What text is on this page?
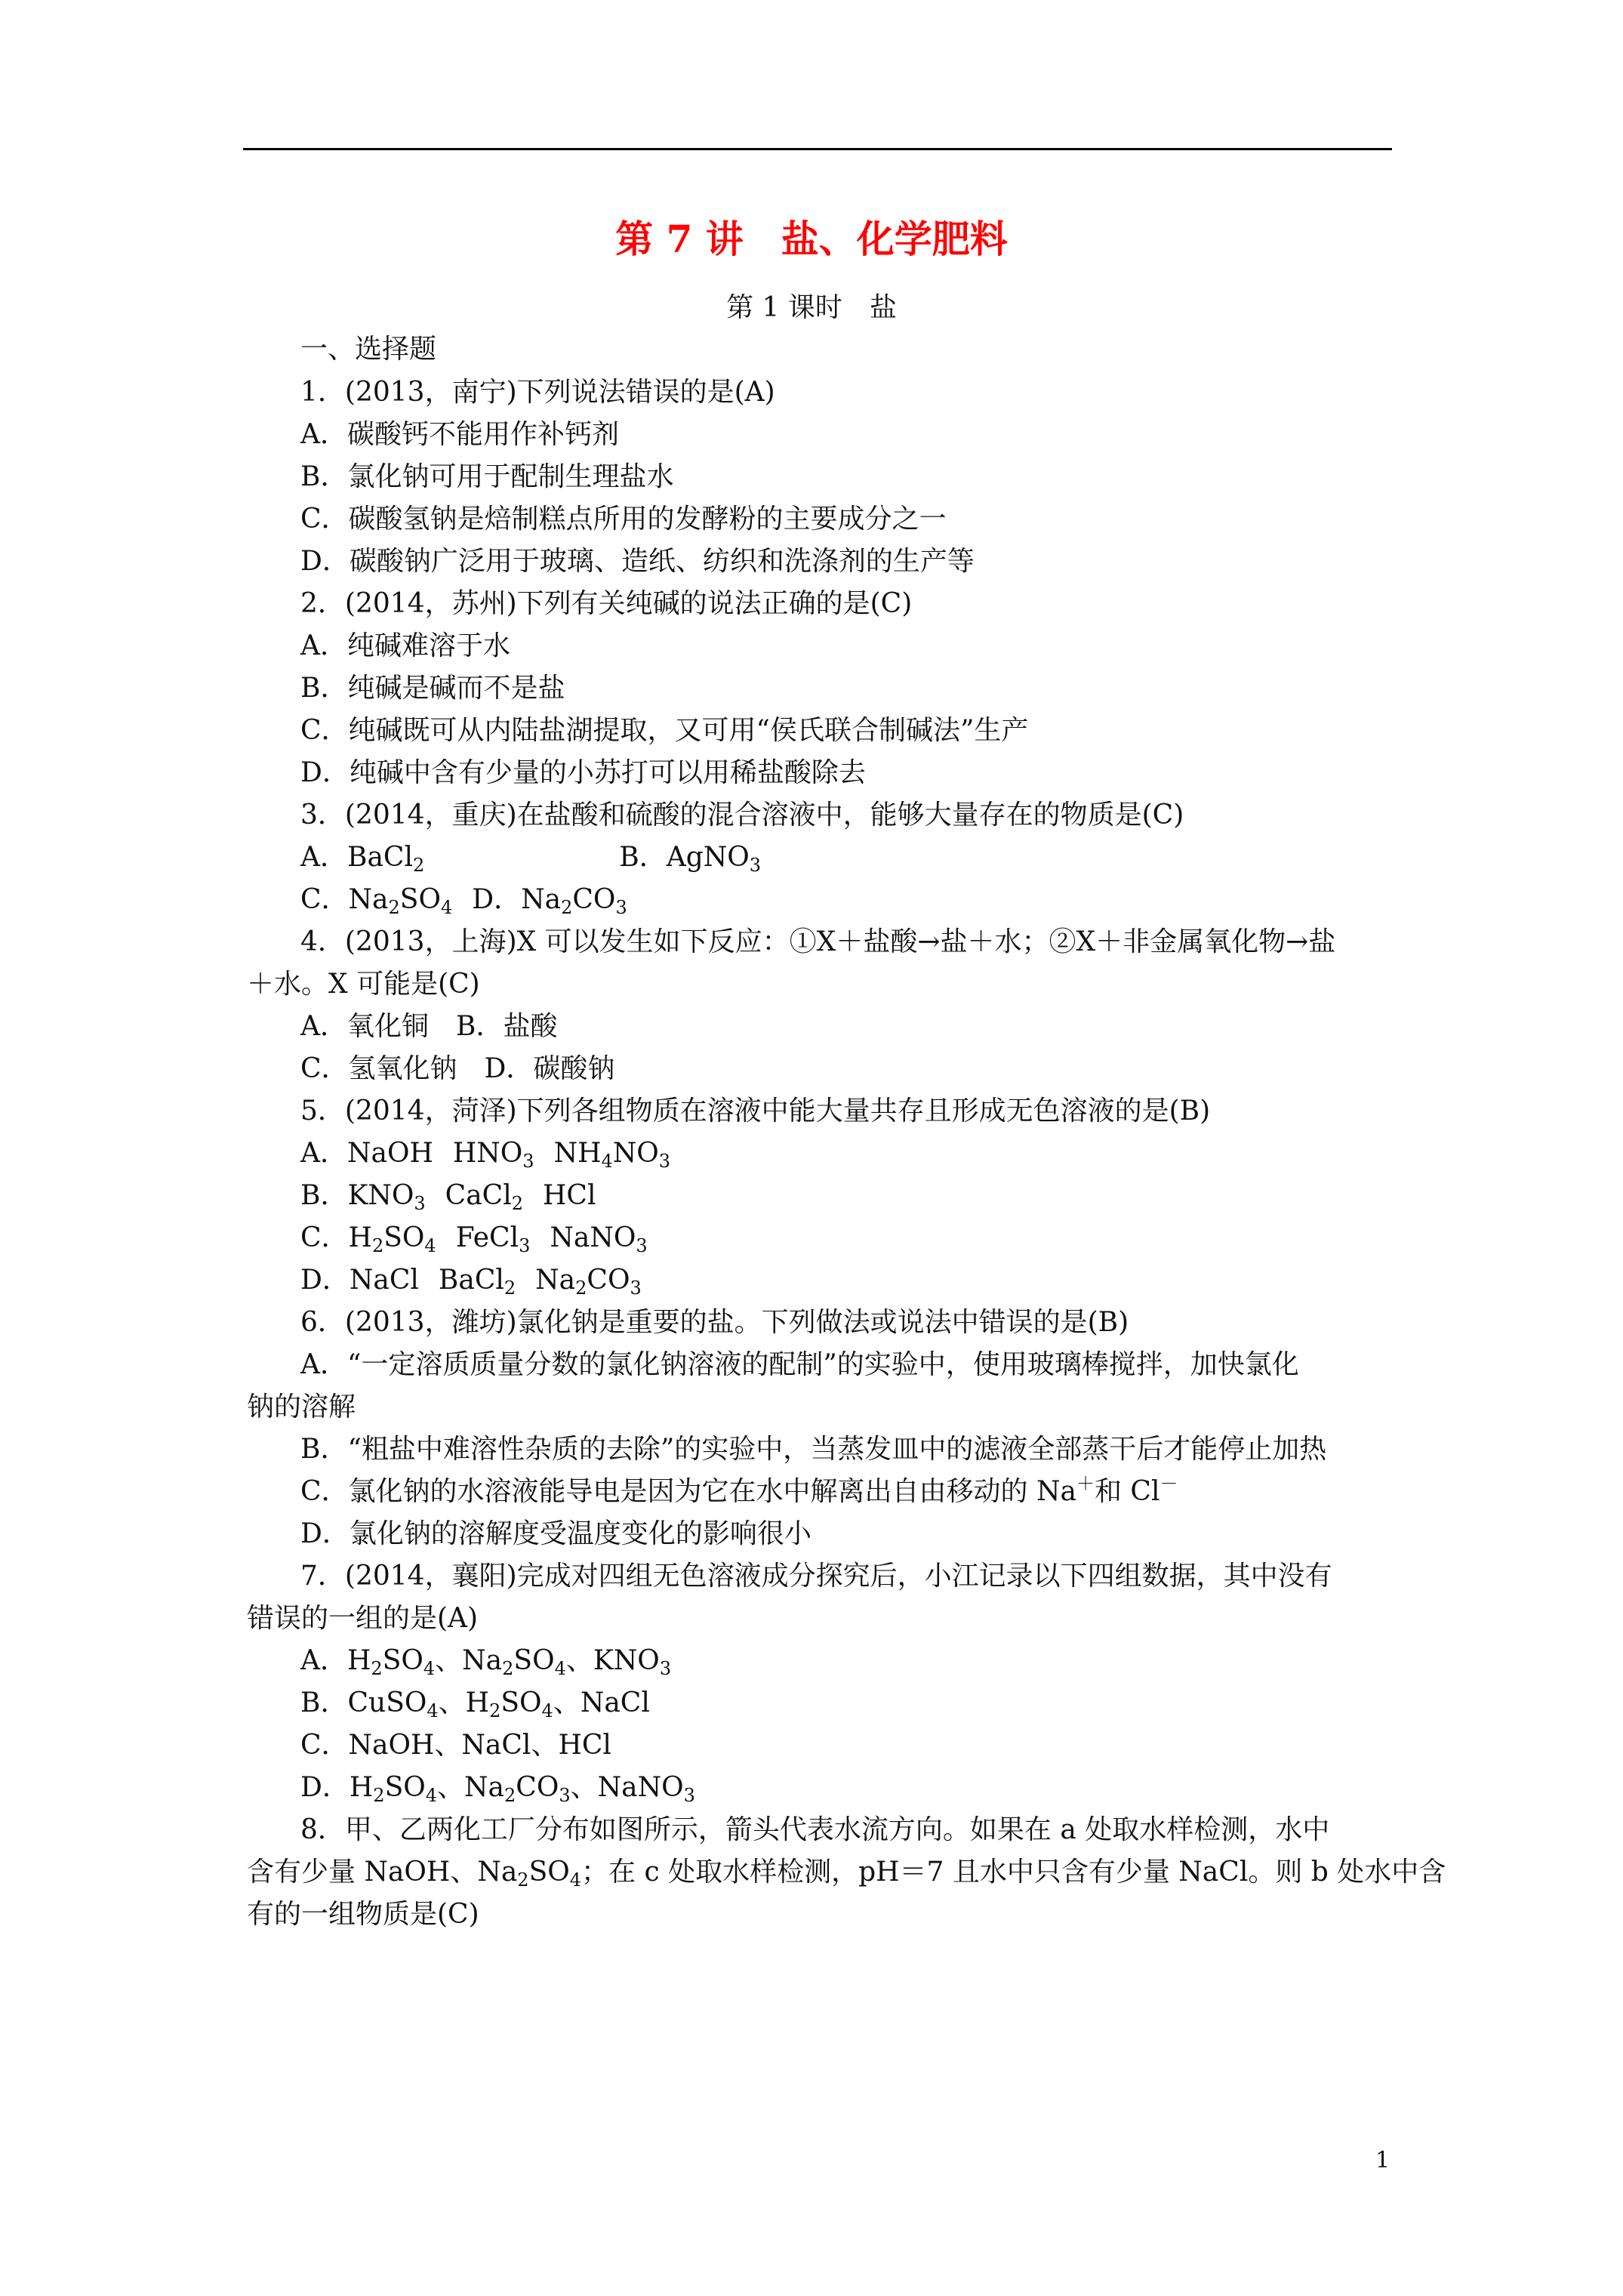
第 7 讲　盐、化学肥料
第 1 课时　盐
一、选择题
1．(2013，南宁)下列说法错误的是(A)
A．碳酸钙不能用作补钙剂
B．氯化钠可用于配制生理盐水
C．碳酸氢钠是焙制糕点所用的发酵粉的主要成分之一
D．碳酸钠广泛用于玻璃、造纸、纺织和洗涤剂的生产等
2．(2014，苏州)下列有关纯碱的说法正确的是(C)
A．纯碱难溶于水
B．纯碱是碱而不是盐
C．纯碱既可从内陆盐湖提取，又可用“侯氏联合制碱法”生产
D．纯碱中含有少量的小苏打可以用稀盐酸除去
3．(2014，重庆)在盐酸和硫酸的混合溶液中，能够大量存在的物质是(C)
A．BaCl$_2$	B．AgNO$_3$
C．$Na_2SO_4$ D．$Na_2CO_3$
4．(2013，上海)X 可以发生如下反应：①X＋盐酸→盐＋水；②X＋非金属氧化物→盐
＋水。X 可能是(C)
A．氧化铜　B．盐酸
C．氢氧化钠　D．碳酸钠
5．(2014，菏泽)下列各组物质在溶液中能大量共存且形成无色溶液的是(B)
A．NaOH $HNO_3$ $NH_4NO_3$
B．$KNO_3$ CaCl$_2$ HCl
C．$H_2SO_4$ FeCl$_3$ NaNO$_3$
D．NaCl BaCl$_2$ $Na_2CO_3$
6．(2013，潍坊)氯化钠是重要的盐。下列做法或说法中错误的是(B)
A．“一定溶质质量分数的氯化钠溶液的配制”的实验中，使用玻璃棒搅拌，加快氯化
钠的溶解
B．“粗盐中难溶性杂质的去除”的实验中，当蒸发皿中的滤液全部蒸干后才能停止加热
C．氯化钠的水溶液能导电是因为它在水中解离出自由移动的 Na＋和 Cl－
D．氯化钠的溶解度受温度变化的影响很小
7．(2014，襄阳)完成对四组无色溶液成分探究后，小江记录以下四组数据，其中没有
错误的一组的是(A)
A．$H_2SO_4$、$Na_2SO_4$、$KNO_3$
B．CuSO$_4$、$H_2SO_4$、NaCl
C．NaOH、NaCl、HCl
D．$H_2SO_4$、$Na_2CO_3$、NaNO$_3$
8．甲、乙两化工厂分布如图所示，箭头代表水流方向。如果在 a 处取水样检测，水中
含有少量 NaOH、$Na_2SO_4$；在 c 处取水样检测，pH＝7 且水中只含有少量 NaCl。则 b 处水中含
有的一组物质是(C)
1
